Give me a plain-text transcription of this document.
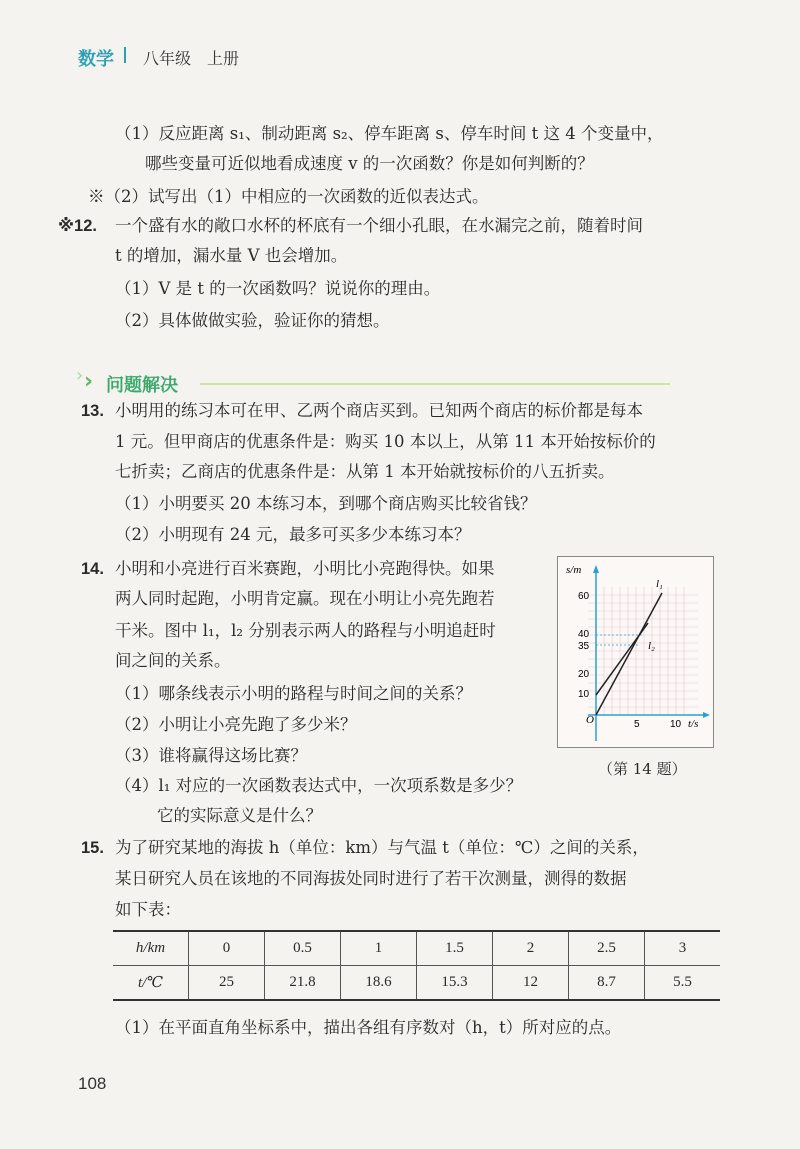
数学 八年级　上册
（1）反应距离 s₁、制动距离 s₂、停车距离 s、停车时间 t 这 4 个变量中，
哪些变量可近似地看成速度 v 的一次函数？你是如何判断的？
※（2）试写出（1）中相应的一次函数的近似表达式。
※12. 一个盛有水的敞口水杯的杯底有一个细小孔眼，在水漏完之前，随着时间
t 的增加，漏水量 V 也会增加。
（1）V 是 t 的一次函数吗？说说你的理由。
（2）具体做做实验，验证你的猜想。
› › 问题解决
13. 小明用的练习本可在甲、乙两个商店买到。已知两个商店的标价都是每本
1 元。但甲商店的优惠条件是：购买 10 本以上，从第 11 本开始按标价的
七折卖；乙商店的优惠条件是：从第 1 本开始就按标价的八五折卖。
（1）小明要买 20 本练习本，到哪个商店购买比较省钱？
（2）小明现有 24 元，最多可买多少本练习本？
14. 小明和小亮进行百米赛跑，小明比小亮跑得快。如果
两人同时起跑，小明肯定赢。现在小明让小亮先跑若
干米。图中 l₁，l₂ 分别表示两人的路程与小明追赶时
间之间的关系。
（1）哪条线表示小明的路程与时间之间的关系？
（2）小明让小亮先跑了多少米？
（3）谁将赢得这场比赛？
（4）l₁ 对应的一次函数表达式中，一次项系数是多少？
它的实际意义是什么？
s/m
t/s
O
l₁
l₂
60
40
35
20
10
5	10
（第 14 题）
15. 为了研究某地的海拔 h（单位：km）与气温 t（单位：℃）之间的关系，
某日研究人员在该地的不同海拔处同时进行了若干次测量，测得的数据
如下表：
h/km	0	0.5	1	1.5	2	2.5	3
t/℃	25	21.8	18.6	15.3	12	8.7	5.5
（1）在平面直角坐标系中，描出各组有序数对（h，t）所对应的点。
108
